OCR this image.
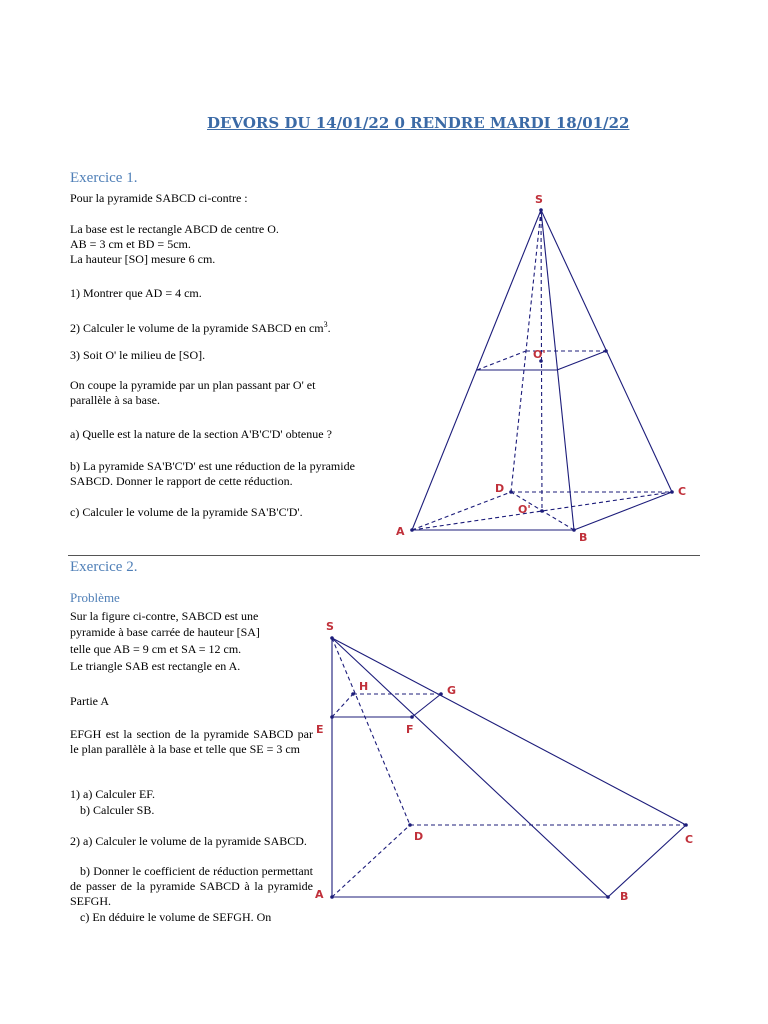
DEVORS DU 14/01/22 0 RENDRE MARDI 18/01/22
Exercice 1.
Pour la pyramide SABCD ci-contre :
La base est le rectangle ABCD de centre O.
AB = 3 cm et BD = 5cm.
La hauteur [SO] mesure 6 cm.
1) Montrer que AD = 4 cm.
2) Calculer le volume de la pyramide SABCD en $cm^3$.
3) Soit O' le milieu de [SO].
On coupe la pyramide par un plan passant par O' et parallèle à sa base.
a) Quelle est la nature de la section A'B'C'D' obtenue ?
b) La pyramide SA'B'C'D' est une réduction de la pyramide SABCD. Donner le rapport de cette réduction.
c) Calculer le volume de la pyramide SA'B'C'D'.
Exercice 2.
Problème
Sur la figure ci-contre, SABCD est une
pyramide à base carrée de hauteur [SA]
telle que AB = 9 cm et SA = 12 cm.
Le triangle SAB est rectangle en A.
Partie A
EFGH est la section de la pyramide SABCD par le plan parallèle à la base et telle que SE = 3 cm
1) a) Calculer EF.
b) Calculer SB.
2) a) Calculer le volume de la pyramide SABCD.
b) Donner le coefficient de réduction permettant de passer de la pyramide SABCD à la pyramide SEFGH.
c) En déduire le volume de SEFGH. On
S
O'
D	C
O'
A	B
S
H	G
E	F
D	C
A	B
